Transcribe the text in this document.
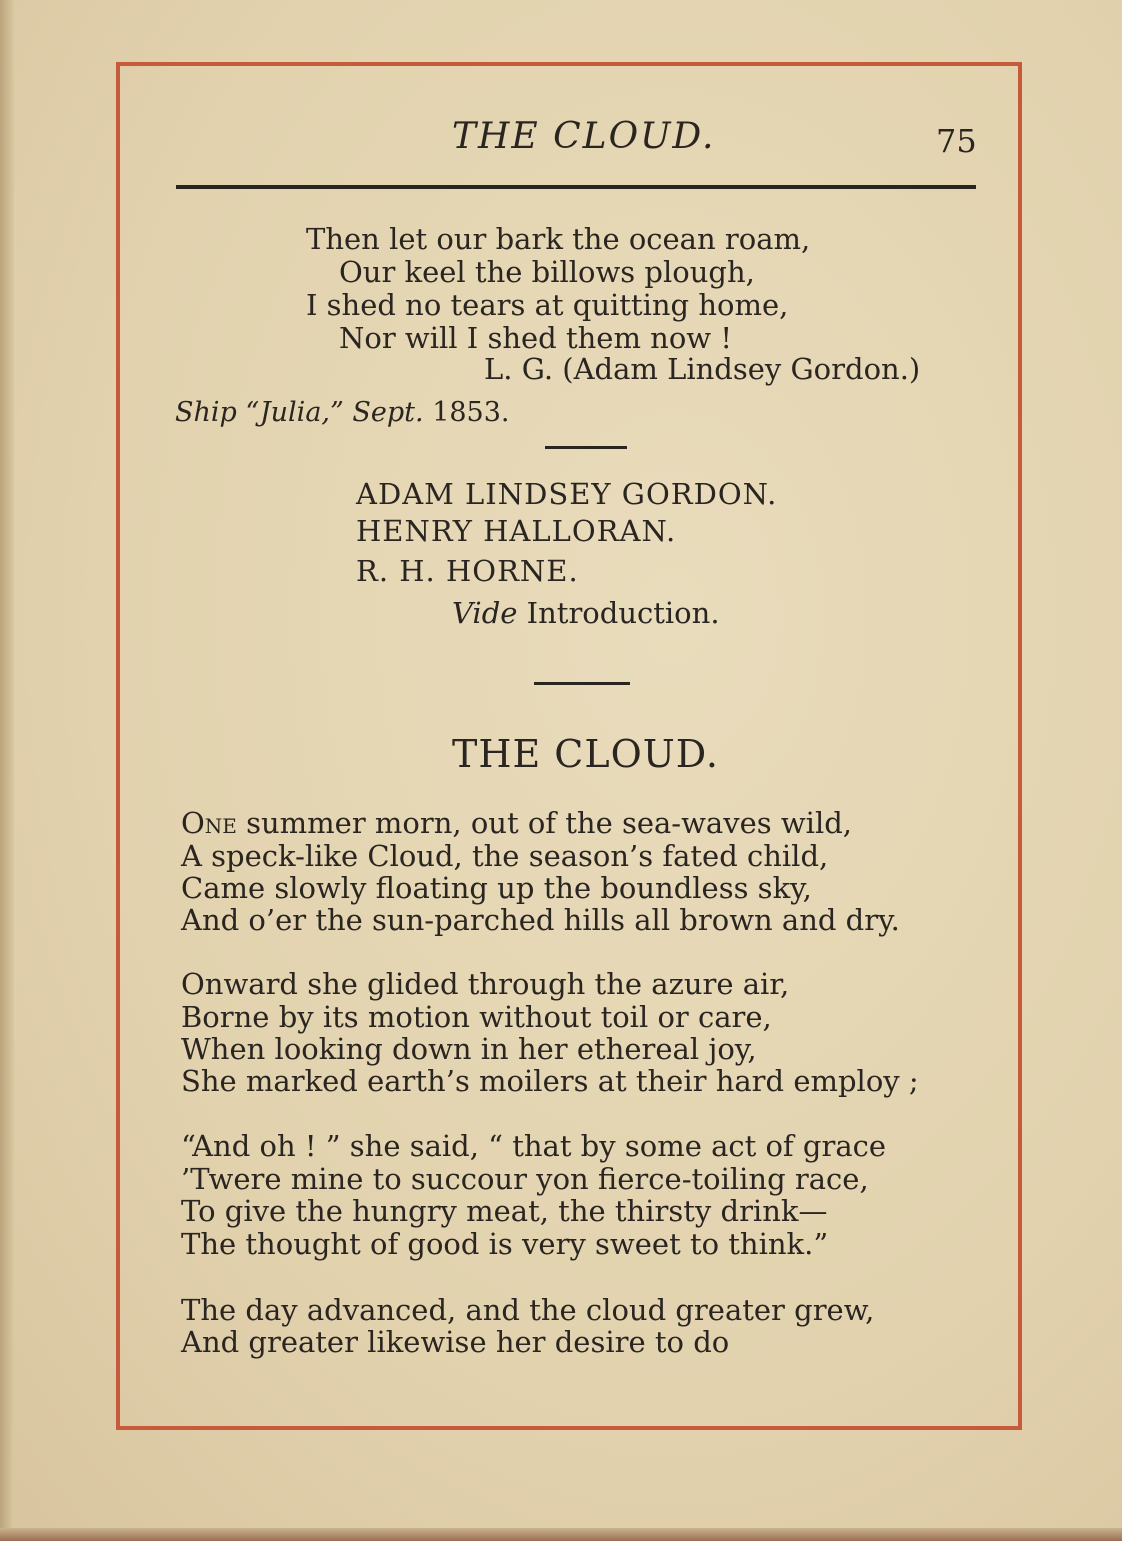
THE CLOUD.	75
Then let our bark the ocean roam,
Our keel the billows plough,
I shed no tears at quitting home,
Nor will I shed them now !
L. G. (Adam Lindsey Gordon.)
Ship “Julia,” Sept. 1853.
ADAM LINDSEY GORDON.
HENRY HALLORAN.
R. H. HORNE.
Vide Introduction.
THE CLOUD.
One summer morn, out of the sea-waves wild,
A speck-like Cloud, the season’s fated child,
Came slowly floating up the boundless sky,
And o’er the sun-parched hills all brown and dry.
Onward she glided through the azure air,
Borne by its motion without toil or care,
When looking down in her ethereal joy,
She marked earth’s moilers at their hard employ ;
“And oh ! ” she said, “ that by some act of grace
’Twere mine to succour yon fierce-toiling race,
To give the hungry meat, the thirsty drink—
The thought of good is very sweet to think.”
The day advanced, and the cloud greater grew,
And greater likewise her desire to do
